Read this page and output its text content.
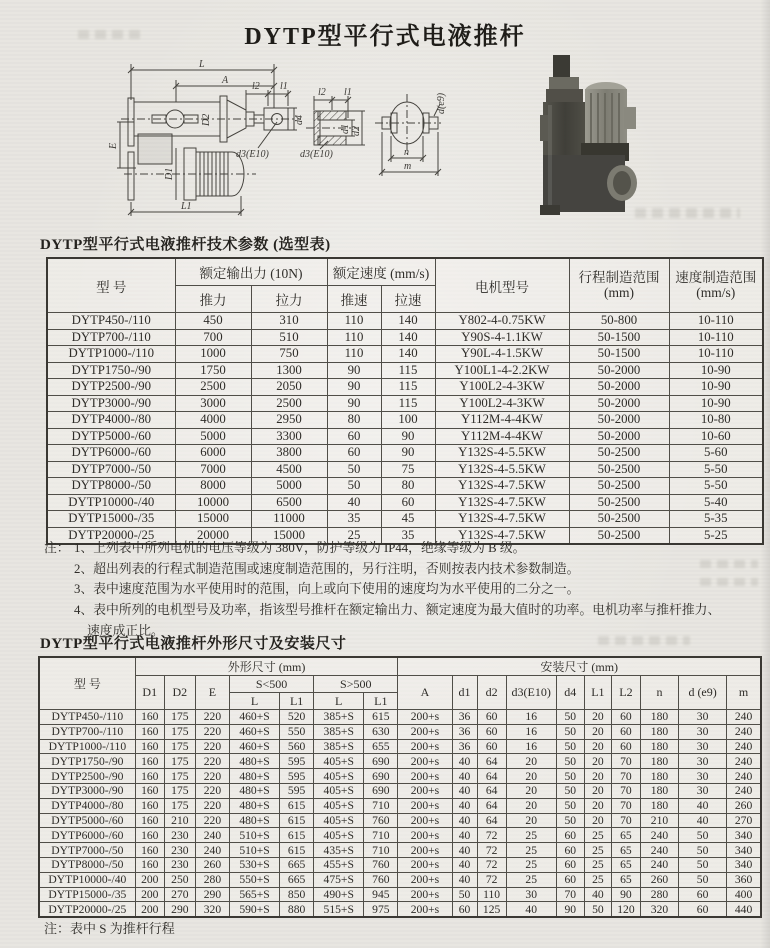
DYTP型平行式电液推杆
L
A
l2 l1
D2	d4
d3(E10)
E
D1
L1
l2 l1
d1 d2
d3(E10)	n
m
d(e9)
DYTP型平行式电液推杆技术参数 (选型表)
型 号	额定输出力 (10N)		额定速度 (mm/s)		电机型号	行程制造范围
(mm)	速度制造范围
(mm/s)

	推力	拉力	推速	拉速			
DYTP450-/110	450	310	110	140	Y802-4-0.75KW	50-800	10-110
DYTP700-/110	700	510	110	140	Y90S-4-1.1KW	50-1500	10-110
DYTP1000-/110	1000	750	110	140	Y90L-4-1.5KW	50-1500	10-110
DYTP1750-/90	1750	1300	90	115	Y100L1-4-2.2KW	50-2000	10-90
DYTP2500-/90	2500	2050	90	115	Y100L2-4-3KW	50-2000	10-90
DYTP3000-/90	3000	2500	90	115	Y100L2-4-3KW	50-2000	10-90
DYTP4000-/80	4000	2950	80	100	Y112M-4-4KW	50-2000	10-80
DYTP5000-/60	5000	3300	60	90	Y112M-4-4KW	50-2000	10-60
DYTP6000-/60	6000	3800	60	90	Y132S-4-5.5KW	50-2500	5-60
DYTP7000-/50	7000	4500	50	75	Y132S-4-5.5KW	50-2500	5-50
DYTP8000-/50	8000	5000	50	80	Y132S-4-7.5KW	50-2500	5-50
DYTP10000-/40	10000	6500	40	60	Y132S-4-7.5KW	50-2500	5-40
DYTP15000-/35	15000	11000	35	45	Y132S-4-7.5KW	50-2500	5-35
DYTP20000-/25	20000	15000	25	35	Y132S-4-7.5KW	50-2500	5-25
注： 1、上列表中所列电机的电压等级为 380V，防护等级为 IP44，绝缘等级为 B 级。
2、超出列表的行程式制造范围或速度制造范围的，另行注明，否则按表内技术参数制造。
3、表中速度范围为水平使用时的范围，向上或向下使用的速度均为水平使用的二分之一。
4、表中所列的电机型号及功率，指该型号推杆在额定输出力、额定速度为最大值时的功率。电机功率与推杆推力、
速度成正比。
DYTP型平行式电液推杆外形尺寸及安装尺寸
型 号	外形尺寸 (mm)							安装尺寸 (mm)									
	D1	D2	E	S<500		S>500		A	d1	d2	d3(E10)	d4	L1	L2	n	d (e9)	m
				L	L1	L	L1										
DYTP450-/110	160	175	220	460+S	520	385+S	615	200+s	36	60	16	50	20	60	180	30	240
DYTP700-/110	160	175	220	460+S	550	385+S	630	200+s	36	60	16	50	20	60	180	30	240
DYTP1000-/110	160	175	220	460+S	560	385+S	655	200+s	36	60	16	50	20	60	180	30	240
DYTP1750-/90	160	175	220	480+S	595	405+S	690	200+s	40	64	20	50	20	70	180	30	240
DYTP2500-/90	160	175	220	480+S	595	405+S	690	200+s	40	64	20	50	20	70	180	30	240
DYTP3000-/90	160	175	220	480+S	595	405+S	690	200+s	40	64	20	50	20	70	180	30	240
DYTP4000-/80	160	175	220	480+S	615	405+S	710	200+s	40	64	20	50	20	70	180	40	260
DYTP5000-/60	160	210	220	480+S	615	405+S	760	200+s	40	64	20	50	20	70	210	40	270
DYTP6000-/60	160	230	240	510+S	615	405+S	710	200+s	40	72	25	60	25	65	240	50	340
DYTP7000-/50	160	230	240	510+S	615	435+S	710	200+s	40	72	25	60	25	65	240	50	340
DYTP8000-/50	160	230	260	530+S	665	455+S	760	200+s	40	72	25	60	25	65	240	50	340
DYTP10000-/40	200	250	280	550+S	665	475+S	760	200+s	40	72	25	60	25	65	260	50	360
DYTP15000-/35	200	270	290	565+S	850	490+S	945	200+s	50	110	30	70	40	90	280	60	400
DYTP20000-/25	200	290	320	590+S	880	515+S	975	200+s	60	125	40	90	50	120	320	60	440
注：表中 S 为推杆行程
